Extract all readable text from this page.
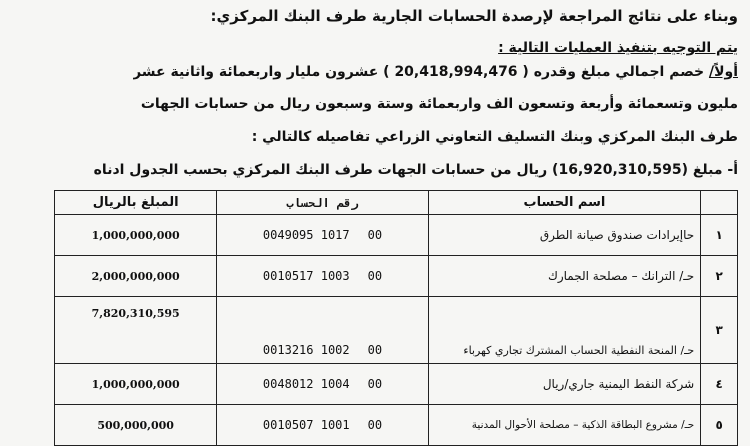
وبناء على نتائج المراجعة لإرصدة الحسابات الجارية طرف البنك المركزي:
يتم التوجيه بتنفيذ العمليات التالية :
أولاً/ خصم اجمالي مبلغ وقدره ( 20,418,994,476 ) عشرون مليار واربعمائة واثانية عشر
مليون وتسعمائة وأربعة وتسعون الف واربعمائة وستة وسبعون ريال من حسابات الجهات
طرف البنك المركزي وبنك التسليف التعاوني الزراعي تفاصيله كالتالي :
أ- مبلغ (16,920,310,595) ريال من حسابات الجهات طرف البنك المركزي بحسب الجدول ادناه
	اسم الحساب	رقم الحساب	المبلغ بالريال
١	حاإيرادات صندوق صيانة الطرق	0049095 1017 00	1,000,000,000
٢	حـ/ الترانك – مصلحة الجمارك	0010517 1003 00	2,000,000,000
٣	حـ/ المنحة النفطية الحساب المشترك تجاري كهرباء	0013216 1002 00	7,820,310,595
٤	شركة النفط اليمنية جاري/ريال	0048012 1004 00	1,000,000,000
٥	حـ/ مشروع البطاقة الذكية – مصلحة الأحوال المدنية	0010507 1001 00	500,000,000
